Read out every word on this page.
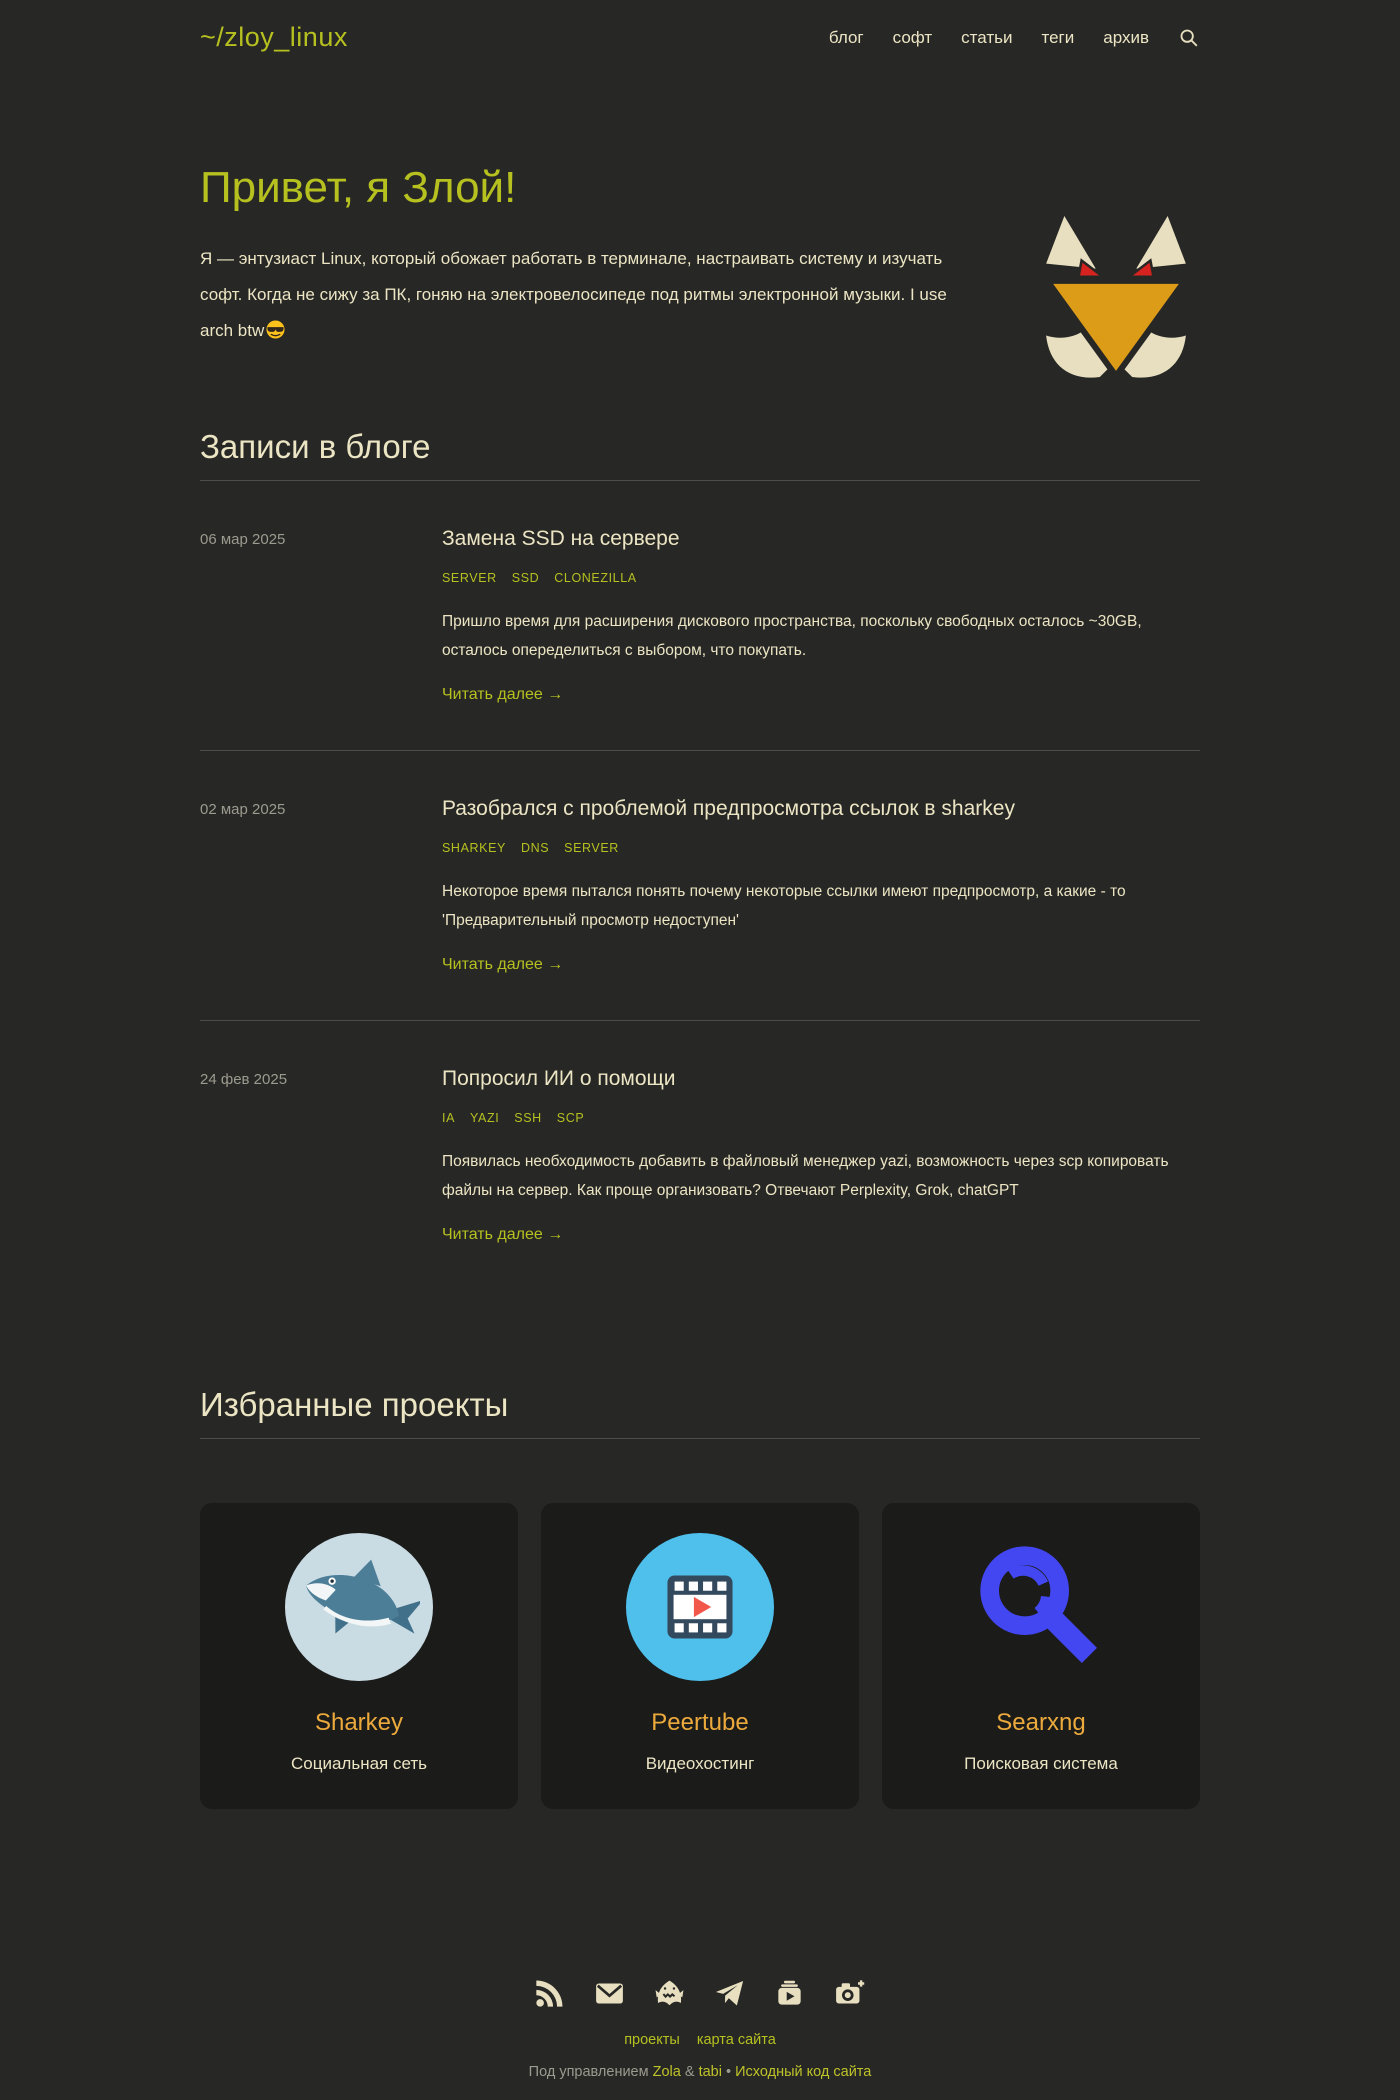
~/zloy_linux	блог софт статьи теги архив
Привет, я Злой!

Я — энтузиаст Linux, который обожает работать в терминале, настраивать систему и изучать софт. Когда не сижу за ПК, гоняю на электровелосипеде под ритмы электронной музыки. I use arch btw

Записи в блоге
06 мар 2025	Замена SSD на сервере
SERVER SSD CLONEZILLA

Пришло время для расширения дискового пространства, поскольку свободных осталось ~30GB, осталось опеределиться с выбором, что покупать.

Читать далее →
02 мар 2025	Разобрался с проблемой предпросмотра ссылок в sharkey
SHARKEY DNS SERVER

Некоторое время пытался понять почему некоторые ссылки имеют предпросмотр, а какие - то 'Предварительный просмотр недоступен'

Читать далее →
24 фев 2025	Попросил ИИ о помощи
IA YAZI SSH SCP

Появилась необходимость добавить в файловый менеджер yazi, возможность через scp копировать файлы на сервер. Как проще организовать? Отвечают Perplexity, Grok, chatGPT

Читать далее →
Избранные проекты
Sharkey
Социальная сеть
Peertube
Видеохостинг
Searxng
Поисковая система
проекты карта сайта
Под управлением Zola & tabi • Исходный код сайта
